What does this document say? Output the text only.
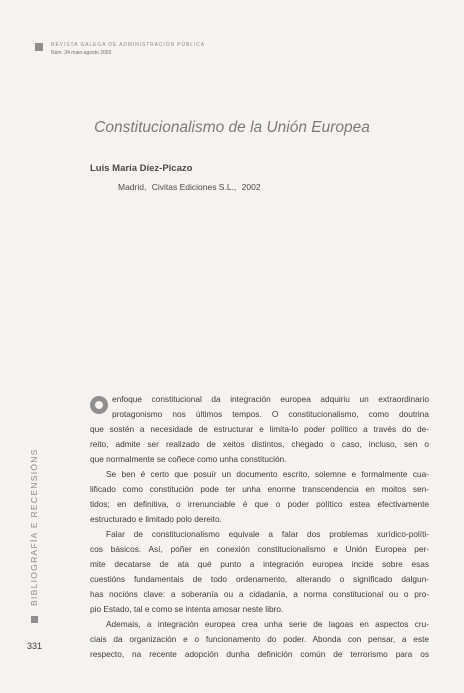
REVISTA GALEGA DE ADMINISTRACIÓN PÚBLICA
Núm. 34 maio-agosto 2003
Constitucionalismo de la Unión Europea
Luis María Díez-Picazo
Madrid, Civitas Ediciones S.L., 2002
BIBLIOGRAFÍA E RECENSIÓNS
331
enfoque constitucional da integración europea adquiriu un extraordinario
protagonismo nos últimos tempos. O constitucionalismo, como doutrina
que sostén a necesidade de estructurar e limita-lo poder político a través do de-
reito, admite ser realizado de xeitos distintos, chegado o caso, incluso, sen o
que normalmente se coñece como unha constitución.
Se ben é certo que posuír un documento escrito, solemne e formalmente cua-
lificado como constitución pode ter unha enorme transcendencia en moitos sen-
tidos; en definitiva, o irrenunciable é que o poder político estea efectivamente
estructurado e limitado polo dereito.
Falar de constitucionalismo equivale a falar dos problemas xurídico-políti-
cos básicos. Así, poñer en conexión constitucionalismo e Unión Europea per-
mite decatarse de ata qué punto a integración europea incide sobre esas
cuestións fundamentais de todo ordenamento, alterando o significado dalgun-
has nocións clave: a soberanía ou a cidadanía, a norma constitucional ou o pro-
pio Estado, tal e como se intenta amosar neste libro.
Ademais, a integración europea crea unha serie de lagoas en aspectos cru-
ciais da organización e o funcionamento do poder. Abonda con pensar, a este
respecto, na recente adopción dunha definición común de terrorismo para os
